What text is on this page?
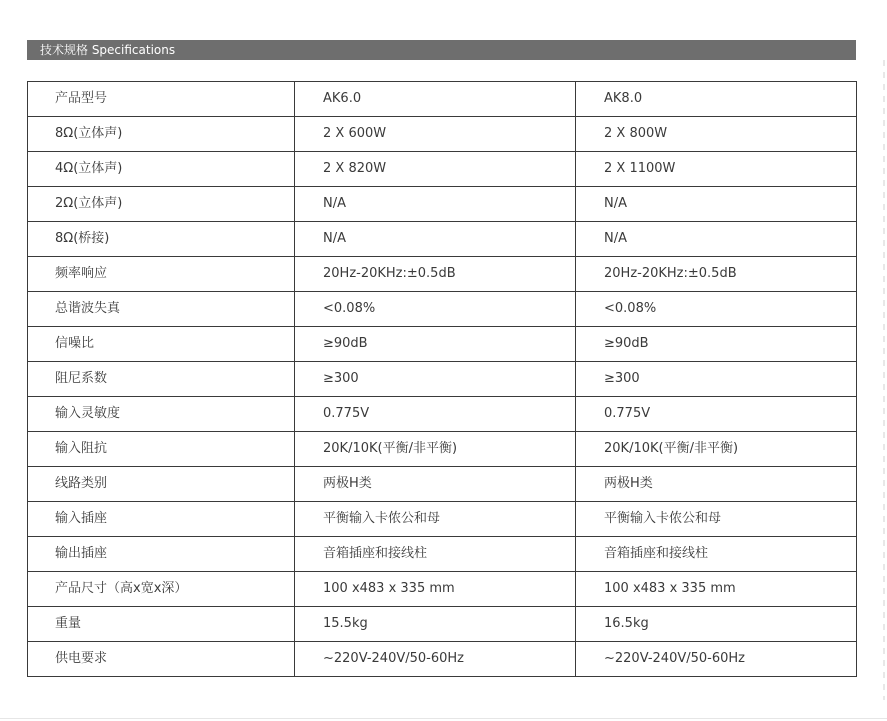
技术规格 Specifications
产品型号	AK6.0	AK8.0
8Ω(立体声)	2 X 600W	2 X 800W
4Ω(立体声)	2 X 820W	2 X 1100W
2Ω(立体声)	N/A	N/A
8Ω(桥接)	N/A	N/A
频率响应	20Hz-20KHz:±0.5dB	20Hz-20KHz:±0.5dB
总谐波失真	<0.08%	<0.08%
信噪比	≥90dB	≥90dB
阻尼系数	≥300	≥300
输入灵敏度	0.775V	0.775V
输入阻抗	20K/10K(平衡/非平衡)	20K/10K(平衡/非平衡)
线路类别	两极H类	两极H类
输入插座	平衡输入卡侬公和母	平衡输入卡侬公和母
输出插座	音箱插座和接线柱	音箱插座和接线柱
产品尺寸（高x宽x深）	100 x483 x 335 mm	100 x483 x 335 mm
重量	15.5kg	16.5kg
供电要求	~220V-240V/50-60Hz	~220V-240V/50-60Hz
